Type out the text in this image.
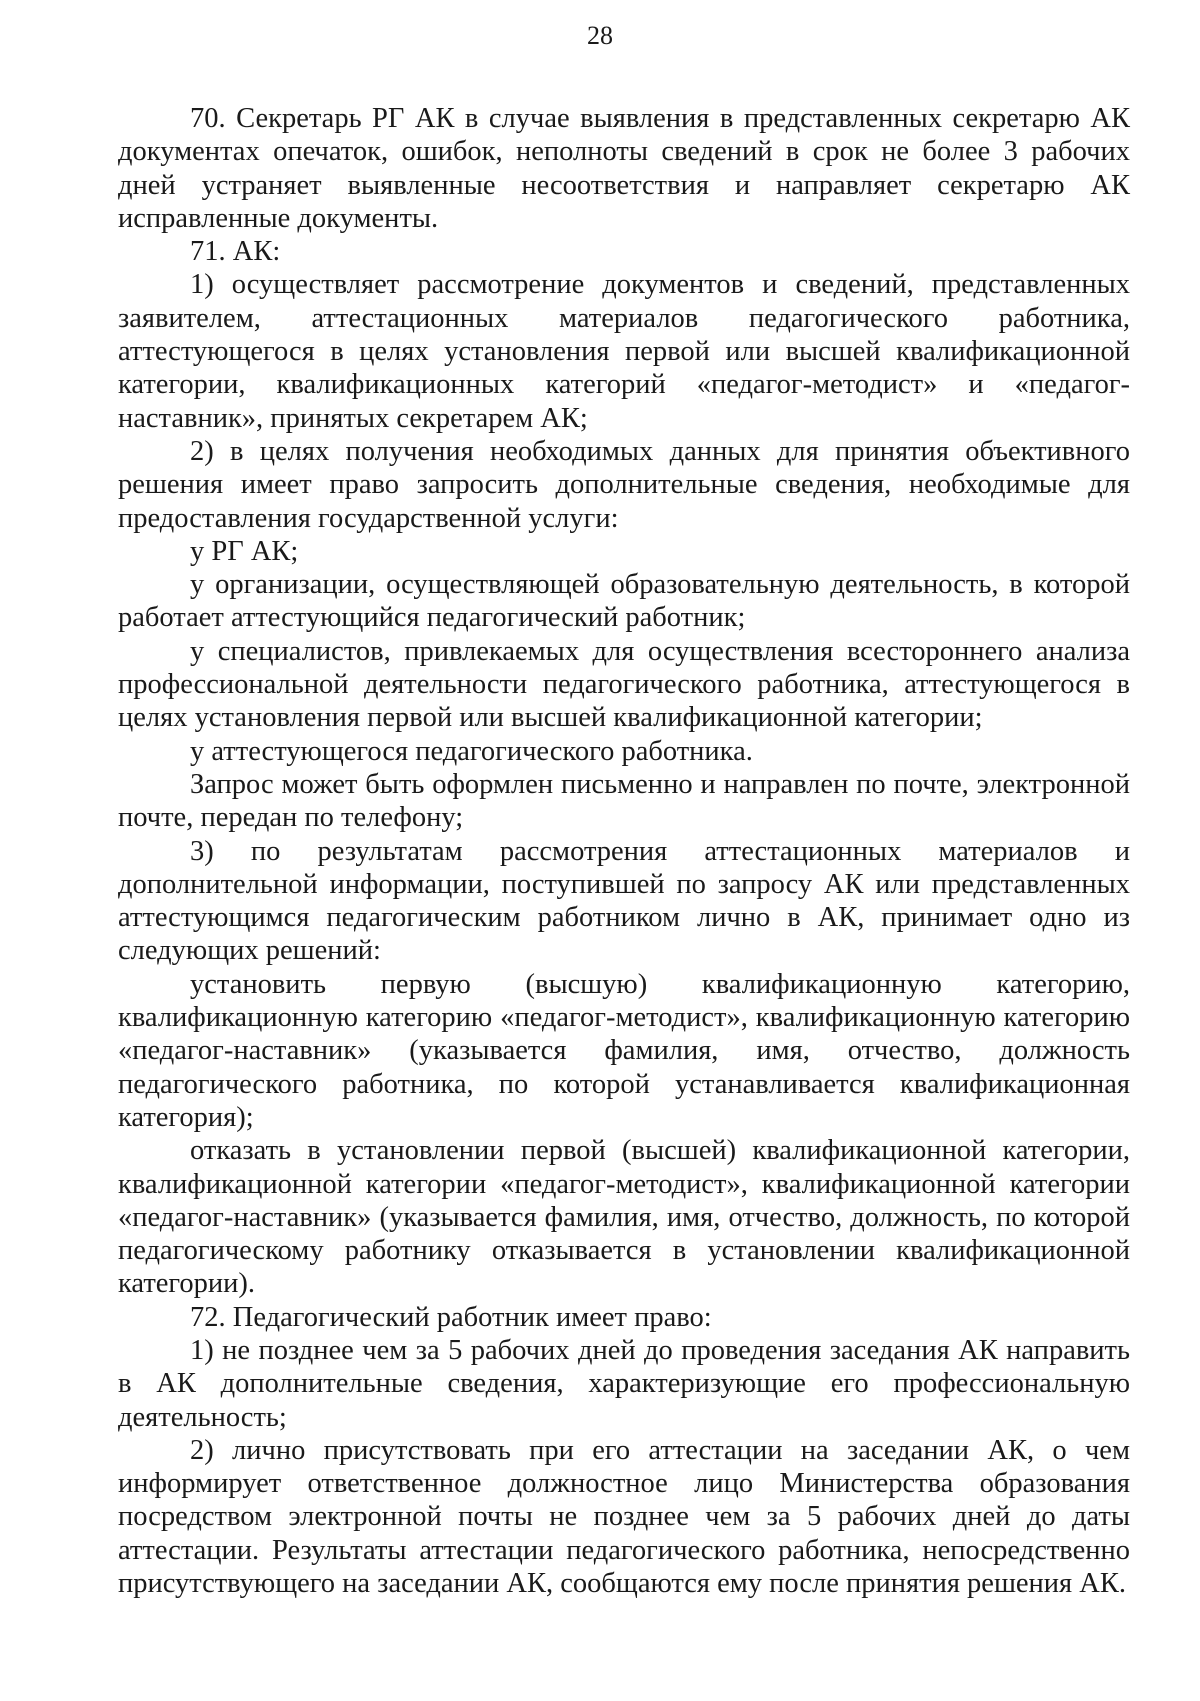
28

70. Секретарь РГ АК в случае выявления в представленных секретарю АК документах опечаток, ошибок, неполноты сведений в срок не более 3 рабочих дней устраняет выявленные несоответствия и направляет секретарю АК исправленные документы.

71. АК:

1) осуществляет рассмотрение документов и сведений, представленных заявителем, аттестационных материалов педагогического работника, аттестующегося в целях установления первой или высшей квалификационной категории, квалификационных категорий «педагог-методист» и «педагог-наставник», принятых секретарем АК;

2) в целях получения необходимых данных для принятия объективного решения имеет право запросить дополнительные сведения, необходимые для предоставления государственной услуги:

у РГ АК;

у организации, осуществляющей образовательную деятельность, в которой работает аттестующийся педагогический работник;

у специалистов, привлекаемых для осуществления всестороннего анализа профессиональной деятельности педагогического работника, аттестующегося в целях установления первой или высшей квалификационной категории;

у аттестующегося педагогического работника.

Запрос может быть оформлен письменно и направлен по почте, электронной почте, передан по телефону;

3) по результатам рассмотрения аттестационных материалов и дополнительной информации, поступившей по запросу АК или представленных аттестующимся педагогическим работником лично в АК, принимает одно из следующих решений:

установить первую (высшую) квалификационную категорию, квалификационную категорию «педагог-методист», квалификационную категорию «педагог-наставник» (указывается фамилия, имя, отчество, должность педагогического работника, по которой устанавливается квалификационная категория);

отказать в установлении первой (высшей) квалификационной категории, квалификационной категории «педагог-методист», квалификационной категории «педагог-наставник» (указывается фамилия, имя, отчество, должность, по которой педагогическому работнику отказывается в установлении квалификационной категории).

72. Педагогический работник имеет право:

1) не позднее чем за 5 рабочих дней до проведения заседания АК направить в АК дополнительные сведения, характеризующие его профессиональную деятельность;

2) лично присутствовать при его аттестации на заседании АК, о чем информирует ответственное должностное лицо Министерства образования посредством электронной почты не позднее чем за 5 рабочих дней до даты аттестации. Результаты аттестации педагогического работника, непосредственно присутствующего на заседании АК, сообщаются ему после принятия решения АК.
